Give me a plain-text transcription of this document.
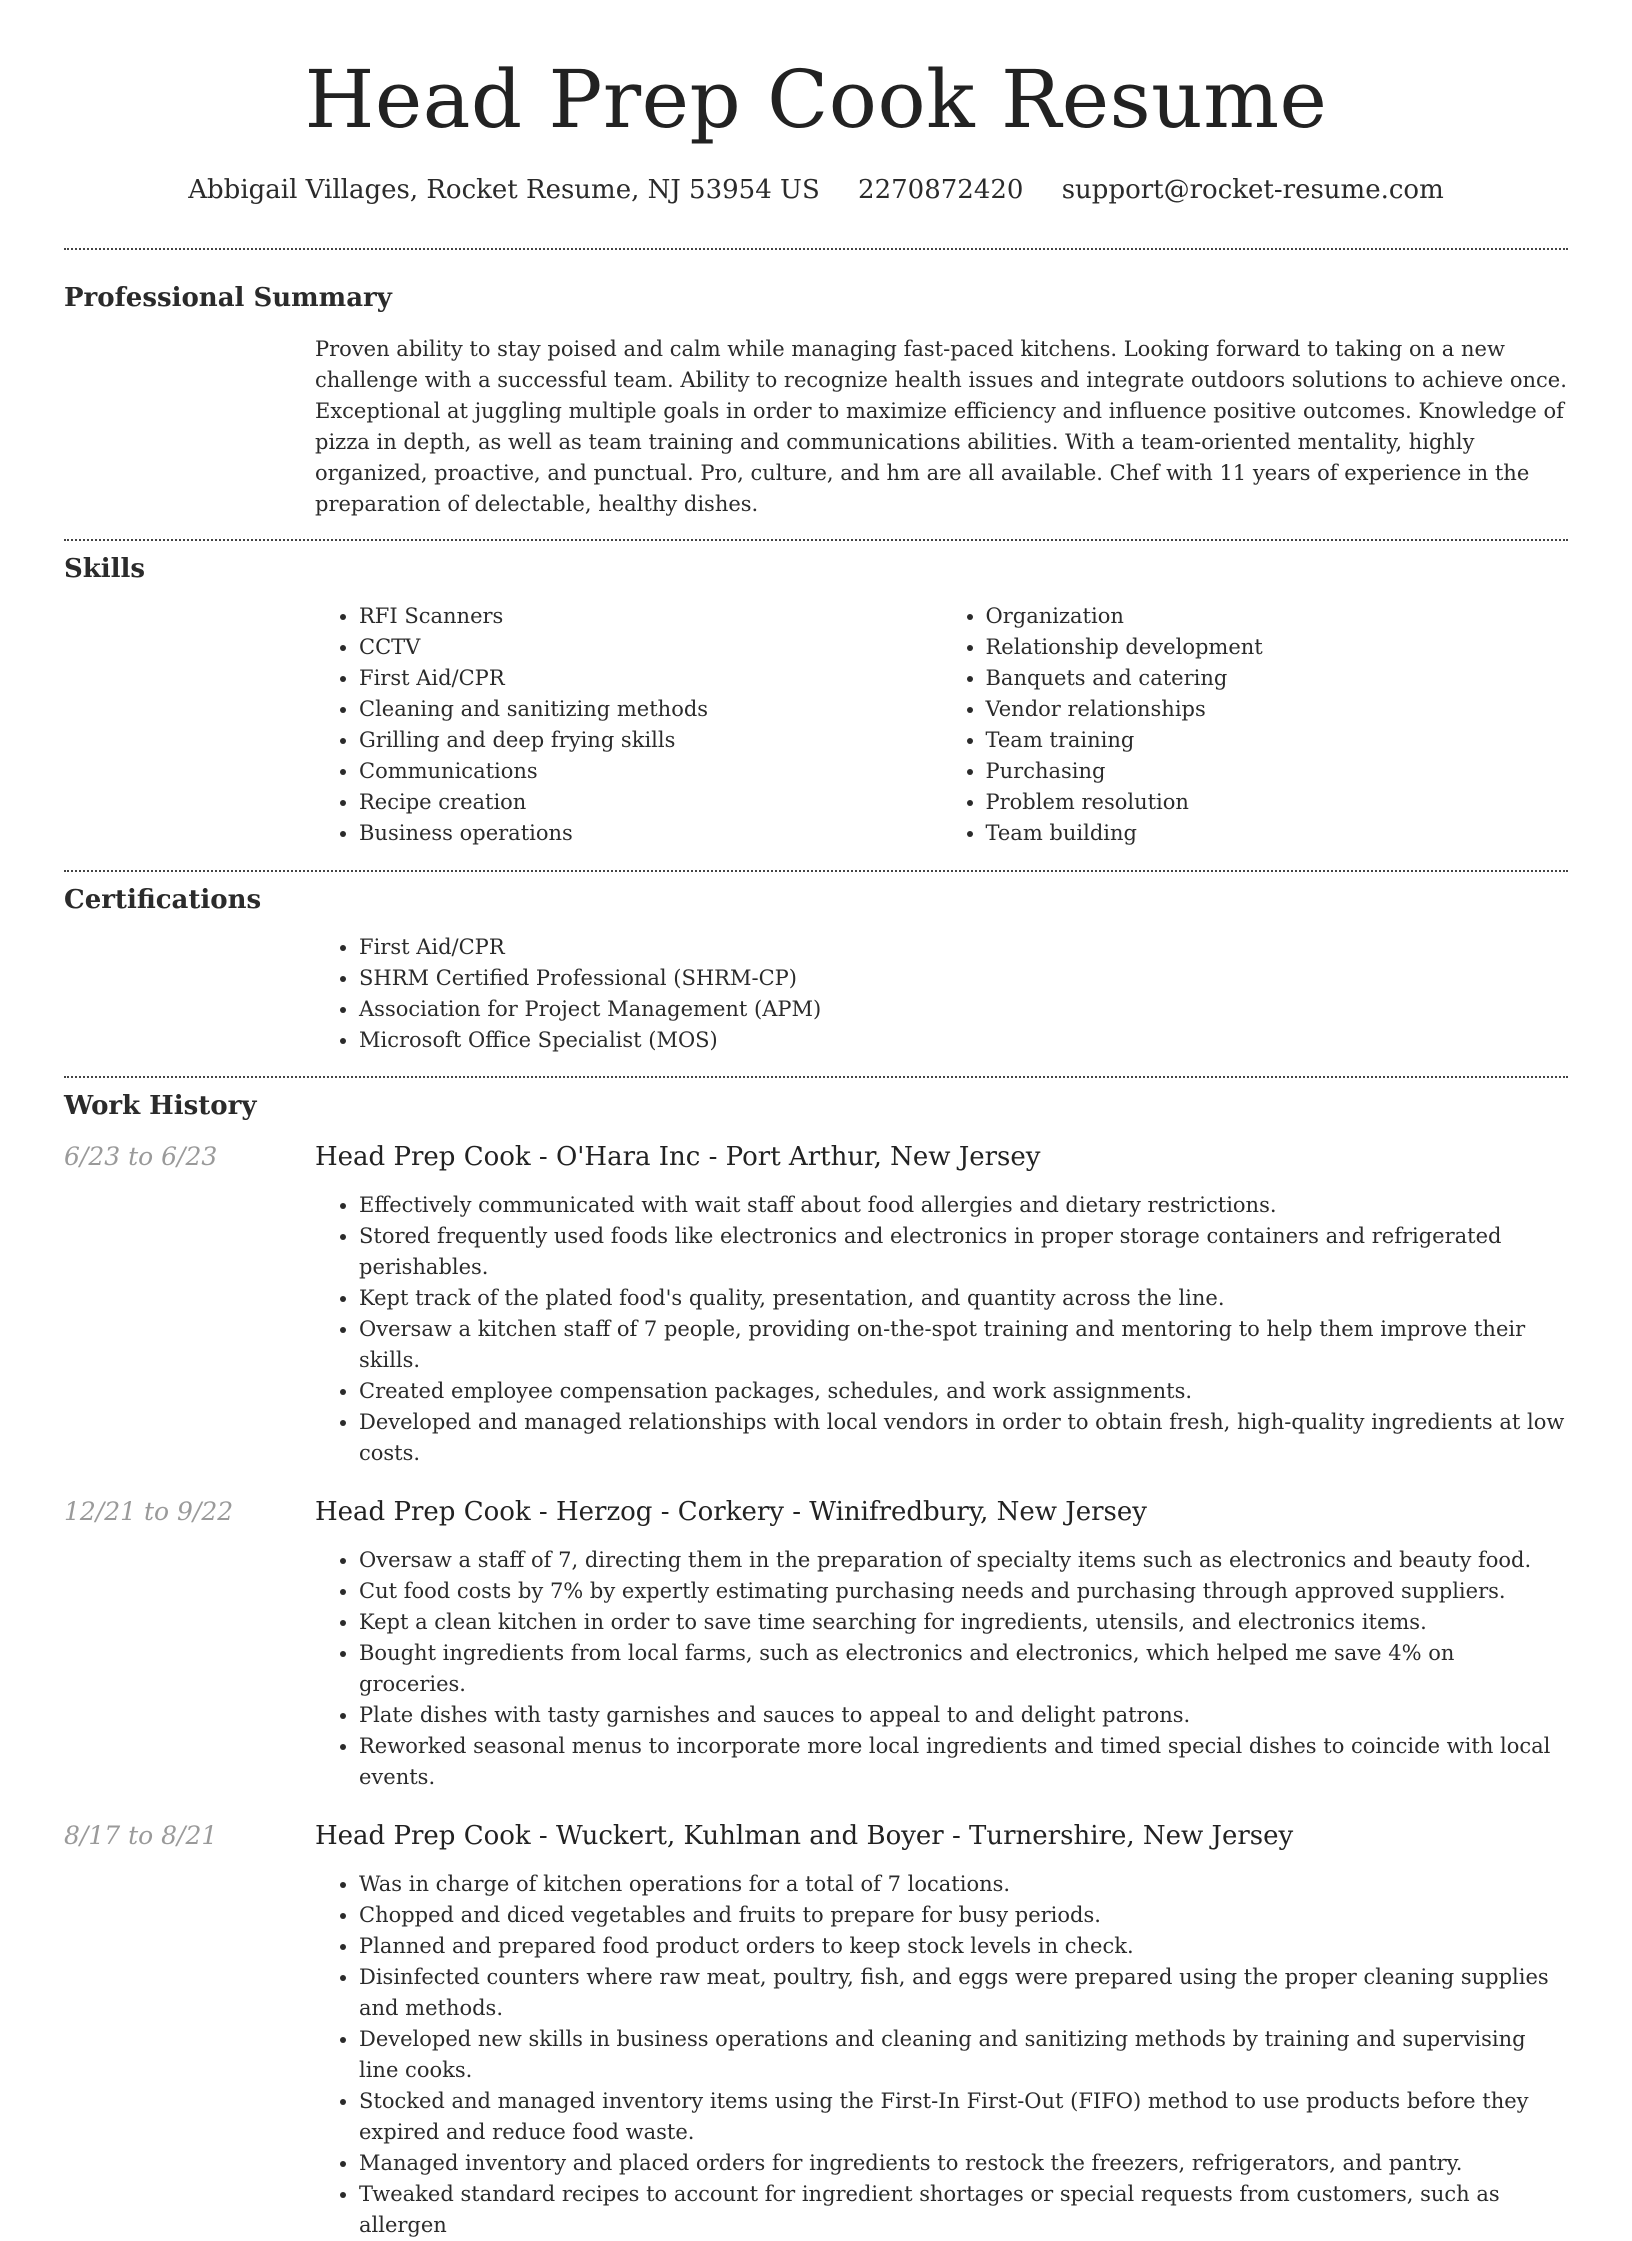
Head Prep Cook Resume
Abbigail Villages, Rocket Resume, NJ 53954 US 2270872420 support@rocket-resume.com
Professional Summary

Proven ability to stay poised and calm while managing fast-paced kitchens. Looking forward to taking on a new challenge with a successful team. Ability to recognize health issues and integrate outdoors solutions to achieve once. Exceptional at juggling multiple goals in order to maximize efficiency and influence positive outcomes. Knowledge of pizza in depth, as well as team training and communications abilities. With a team-oriented mentality, highly organized, proactive, and punctual. Pro, culture, and hm are all available. Chef with 11 years of experience in the preparation of delectable, healthy dishes.

Skills
• RFI Scanners
• CCTV
• First Aid/CPR
• Cleaning and sanitizing methods
• Grilling and deep frying skills
• Communications
• Recipe creation
• Business operations
• Organization
• Relationship development
• Banquets and catering
• Vendor relationships
• Team training
• Purchasing
• Problem resolution
• Team building
Certifications
• First Aid/CPR
• SHRM Certified Professional (SHRM-CP)
• Association for Project Management (APM)
• Microsoft Office Specialist (MOS)
Work History
6/23 to 6/23	Head Prep Cook - O'Hara Inc - Port Arthur, New Jersey
• Effectively communicated with wait staff about food allergies and dietary restrictions.
• Stored frequently used foods like electronics and electronics in proper storage containers and refrigerated perishables.
• Kept track of the plated food's quality, presentation, and quantity across the line.
• Oversaw a kitchen staff of 7 people, providing on-the-spot training and mentoring to help them improve their skills.
• Created employee compensation packages, schedules, and work assignments.
• Developed and managed relationships with local vendors in order to obtain fresh, high-quality ingredients at low costs.
12/21 to 9/22	Head Prep Cook - Herzog - Corkery - Winifredbury, New Jersey
• Oversaw a staff of 7, directing them in the preparation of specialty items such as electronics and beauty food.
• Cut food costs by 7% by expertly estimating purchasing needs and purchasing through approved suppliers.
• Kept a clean kitchen in order to save time searching for ingredients, utensils, and electronics items.
• Bought ingredients from local farms, such as electronics and electronics, which helped me save 4% on groceries.
• Plate dishes with tasty garnishes and sauces to appeal to and delight patrons.
• Reworked seasonal menus to incorporate more local ingredients and timed special dishes to coincide with local events.
8/17 to 8/21	Head Prep Cook - Wuckert, Kuhlman and Boyer - Turnershire, New Jersey
• Was in charge of kitchen operations for a total of 7 locations.
• Chopped and diced vegetables and fruits to prepare for busy periods.
• Planned and prepared food product orders to keep stock levels in check.
• Disinfected counters where raw meat, poultry, fish, and eggs were prepared using the proper cleaning supplies and methods.
• Developed new skills in business operations and cleaning and sanitizing methods by training and supervising line cooks.
• Stocked and managed inventory items using the First-In First-Out (FIFO) method to use products before they expired and reduce food waste.
• Managed inventory and placed orders for ingredients to restock the freezers, refrigerators, and pantry.
• Tweaked standard recipes to account for ingredient shortages or special requests from customers, such as allergen
